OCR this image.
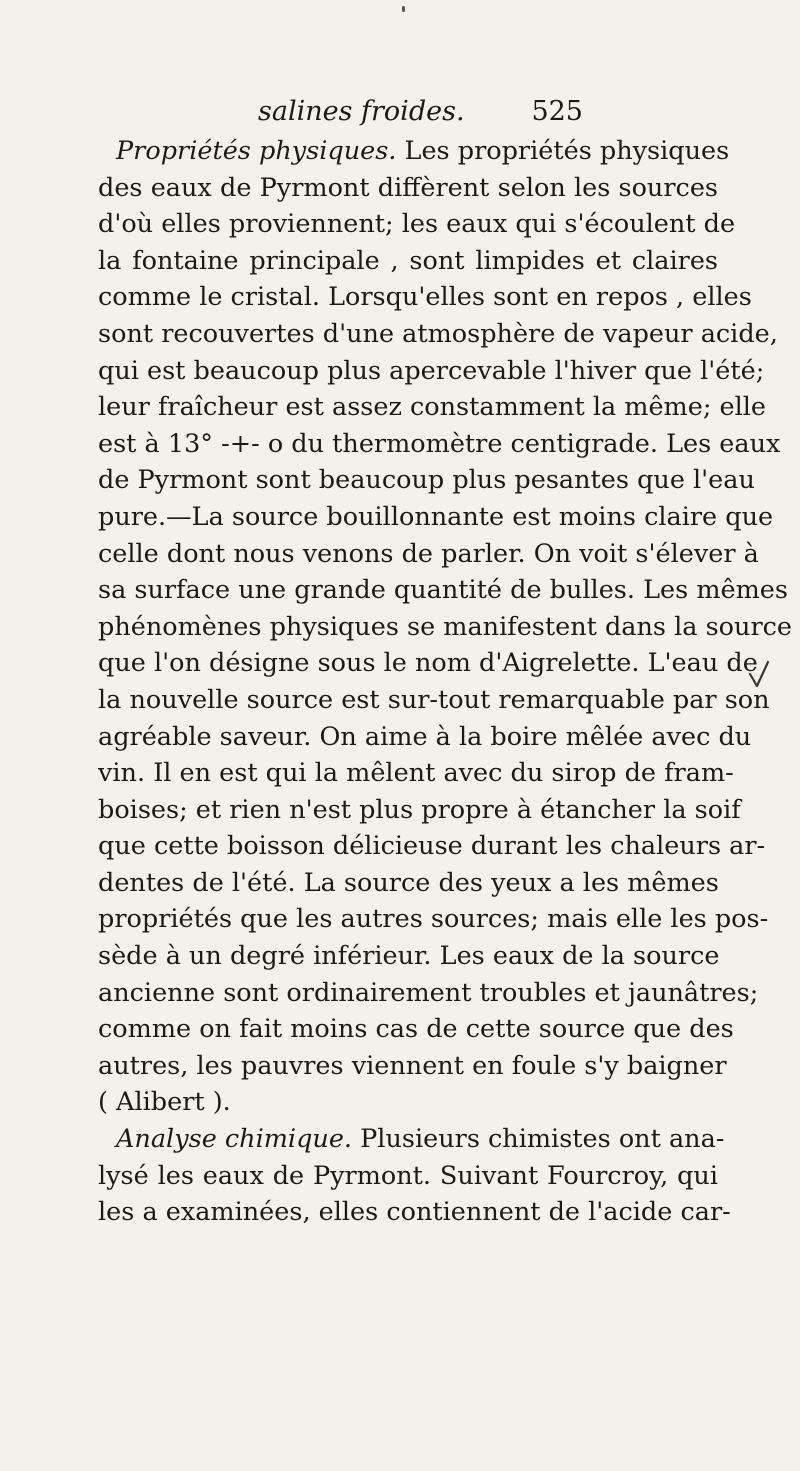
salines froides. 525
Propriétés physiques. Les propriétés physiques
des eaux de Pyrmont diffèrent selon les sources
d'où elles proviennent; les eaux qui s'écoulent de
la fontaine principale , sont limpides et claires
comme le cristal. Lorsqu'elles sont en repos , elles
sont recouvertes d'une atmosphère de vapeur acide,
qui est beaucoup plus apercevable l'hiver que l'été;
leur fraîcheur est assez constamment la même; elle
est à 13° -+- o du thermomètre centigrade. Les eaux
de Pyrmont sont beaucoup plus pesantes que l'eau
pure.—La source bouillonnante est moins claire que
celle dont nous venons de parler. On voit s'élever à
sa surface une grande quantité de bulles. Les mêmes
phénomènes physiques se manifestent dans la source
que l'on désigne sous le nom d'Aigrelette. L'eau de
la nouvelle source est sur-tout remarquable par son
agréable saveur. On aime à la boire mêlée avec du
vin. Il en est qui la mêlent avec du sirop de fram-
boises; et rien n'est plus propre à étancher la soif
que cette boisson délicieuse durant les chaleurs ar-
dentes de l'été. La source des yeux a les mêmes
propriétés que les autres sources; mais elle les pos-
sède à un degré inférieur. Les eaux de la source
ancienne sont ordinairement troubles et jaunâtres;
comme on fait moins cas de cette source que des
autres, les pauvres viennent en foule s'y baigner
( Alibert ).
Analyse chimique. Plusieurs chimistes ont ana-
lysé les eaux de Pyrmont. Suivant Fourcroy, qui
les a examinées, elles contiennent de l'acide car-
